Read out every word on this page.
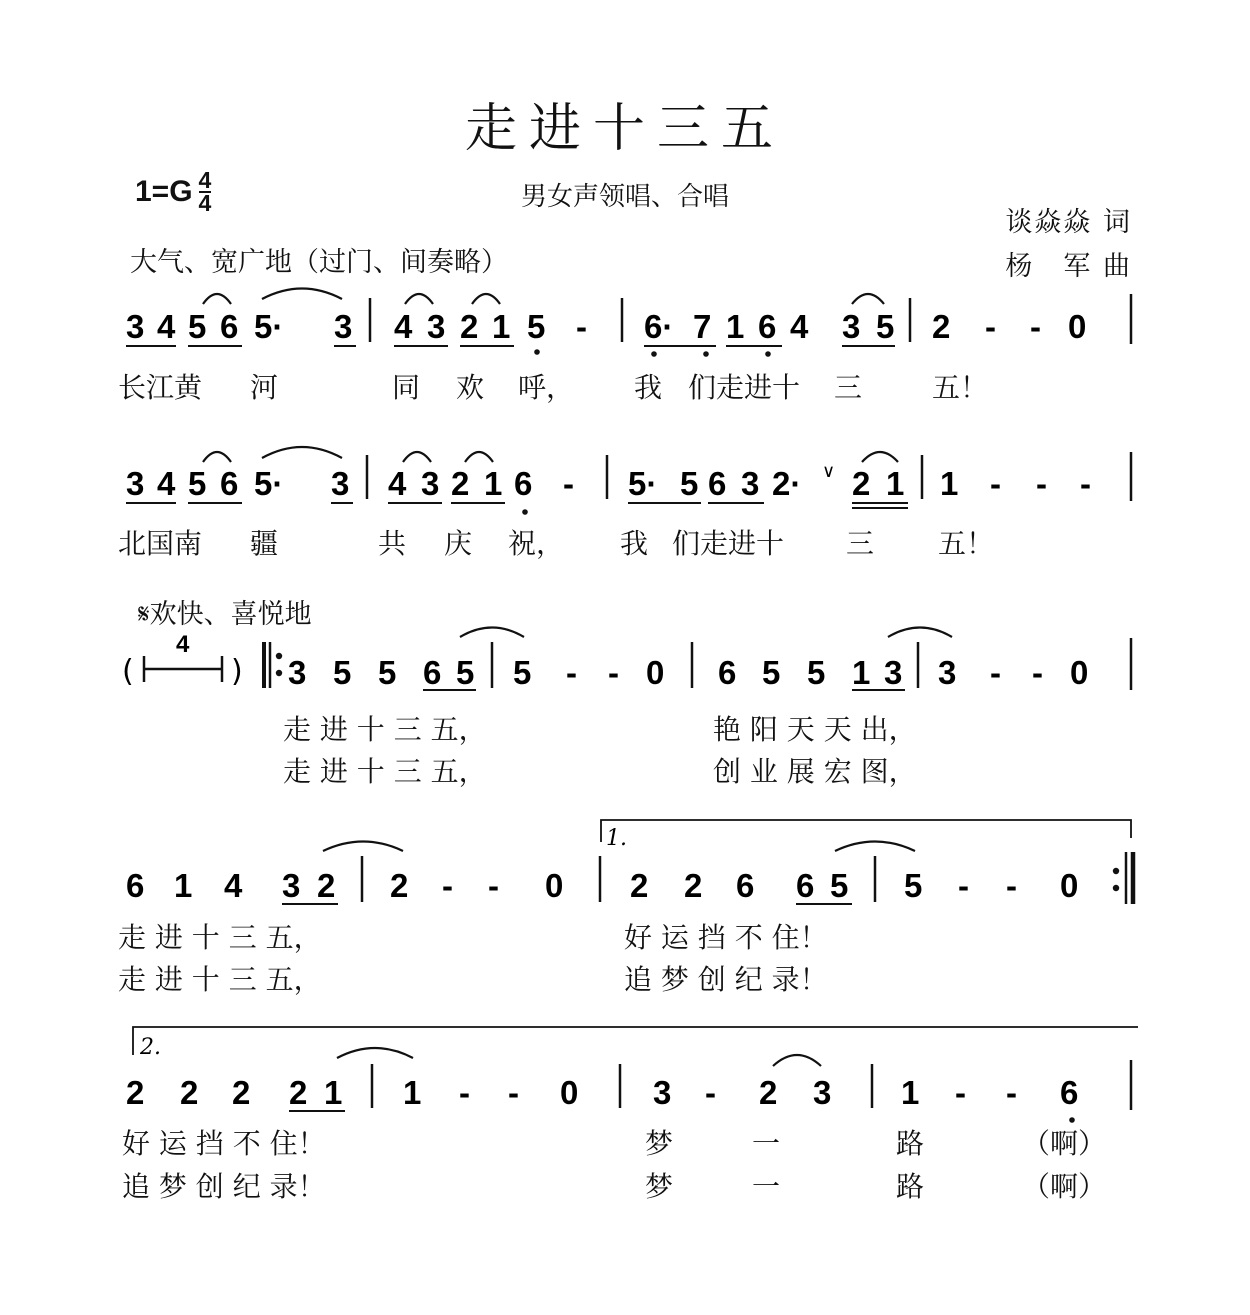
走进十三五
男女声领唱、合唱
$1=G \frac{4}{4}$
谈焱焱 词
杨　军 曲
大气、宽广地（过门、间奏略）
𝄋欢快、喜悦地
(	)
4
1.
2.
∨
3 4 5 6 5· 3 4 3 2 1 5 - 6· 7 1 6 4 3 5 2 - - 0
3 4 5 6 5· 3 4 3 2 1 6 - 5· 5 6 3 2· 2 1 1 - - -
3 5 5 6 5 5 - - 0 6 5 5 1 3 3 - - 0
6 1 4 3 2 2 - - 0 2 2 6 6 5 5 - - 0
2 2 2 2 1 1 - - 0 3 - 2 3 1 - - 6
长江黄 河	同 欢 呼， 我 们走进十 三 五！
北国南 疆	共 庆 祝， 我 们走进十 三 五！
走 进 十 三 五，	艳 阳 天 天 出，
走 进 十 三 五，	创 业 展 宏 图，
走 进 十 三 五，	好 运 挡 不 住！
走 进 十 三 五，	追 梦 创 纪 录！
好 运 挡 不 住！	梦	一	路	（啊）
追 梦 创 纪 录！	梦	一	路	（啊）
